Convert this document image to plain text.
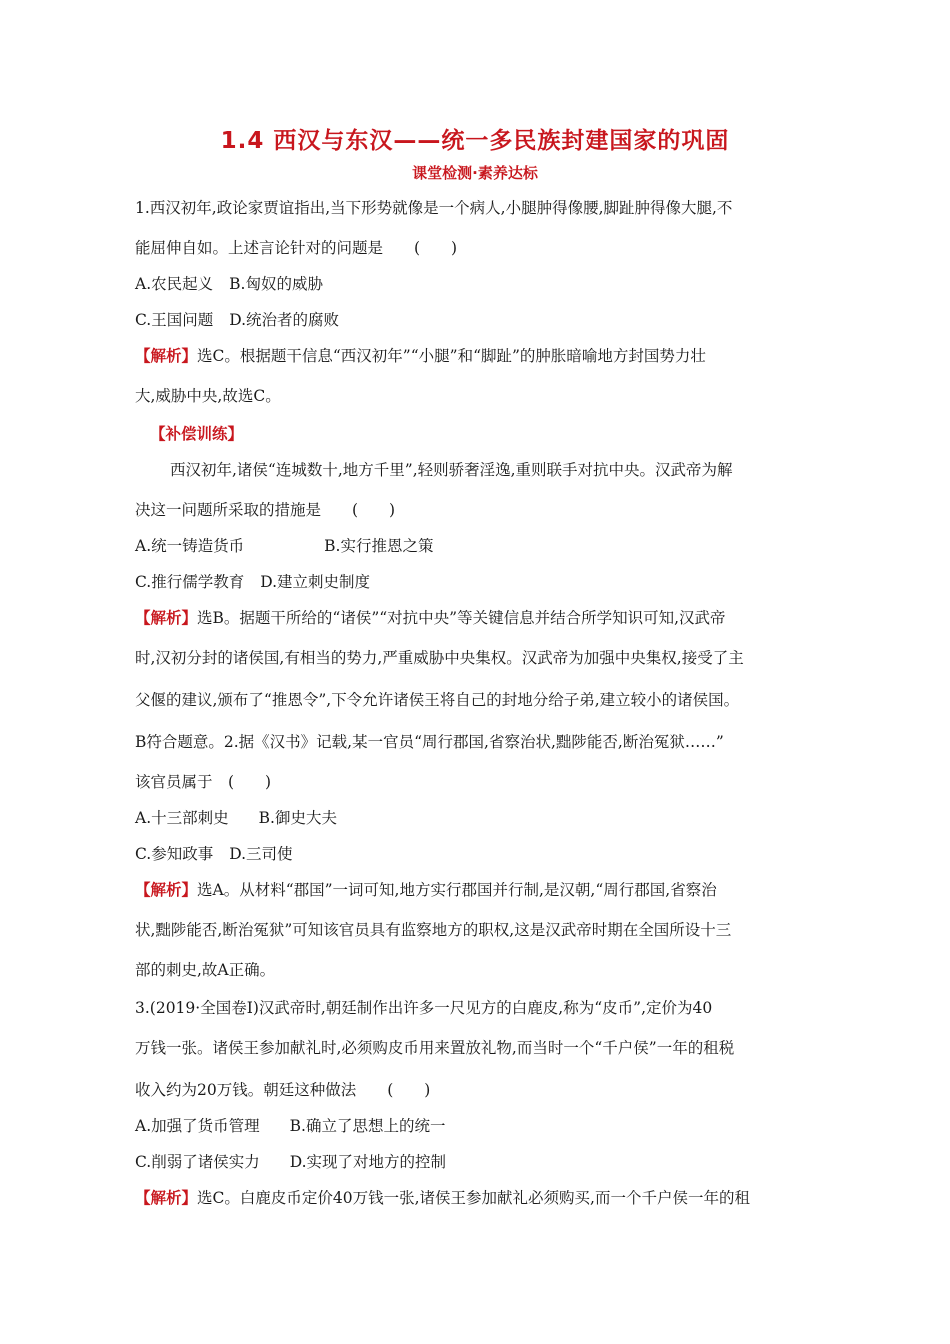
1.4 西汉与东汉——统一多民族封建国家的巩固
课堂检测·素养达标
1.西汉初年,政论家贾谊指出,当下形势就像是一个病人,小腿肿得像腰,脚趾肿得像大腿,不
能屈伸自如。上述言论针对的问题是　　(　　)
A.农民起义 B.匈奴的威胁
C.王国问题 D.统治者的腐败
【解析】选C。根据题干信息“西汉初年”“小腿”和“脚趾”的肿胀暗喻地方封国势力壮
大,威胁中央,故选C。
【补偿训练】
西汉初年,诸侯“连城数十,地方千里”,轻则骄奢淫逸,重则联手对抗中央。汉武帝为解
决这一问题所采取的措施是　　(　　)
A.统一铸造货币	B.实行推恩之策
C.推行儒学教育 D.建立刺史制度
【解析】选B。据题干所给的“诸侯”“对抗中央”等关键信息并结合所学知识可知,汉武帝
时,汉初分封的诸侯国,有相当的势力,严重威胁中央集权。汉武帝为加强中央集权,接受了主
父偃的建议,颁布了“推恩令”,下令允许诸侯王将自己的封地分给子弟,建立较小的诸侯国。
B符合题意。2.据《汉书》记载,某一官员“周行郡国,省察治状,黜陟能否,断治冤狱……”
该官员属于　(　　)
A.十三部刺史 B.御史大夫
C.参知政事 D.三司使
【解析】选A。从材料“郡国”一词可知,地方实行郡国并行制,是汉朝,“周行郡国,省察治
状,黜陟能否,断治冤狱”可知该官员具有监察地方的职权,这是汉武帝时期在全国所设十三
部的刺史,故A正确。
3.(2019·全国卷Ⅰ)汉武帝时,朝廷制作出许多一尺见方的白鹿皮,称为“皮币”,定价为40
万钱一张。诸侯王参加献礼时,必须购皮币用来置放礼物,而当时一个“千户侯”一年的租税
收入约为20万钱。朝廷这种做法　　(　　)
A.加强了货币管理 B.确立了思想上的统一
C.削弱了诸侯实力 D.实现了对地方的控制
【解析】选C。白鹿皮币定价40万钱一张,诸侯王参加献礼必须购买,而一个千户侯一年的租
